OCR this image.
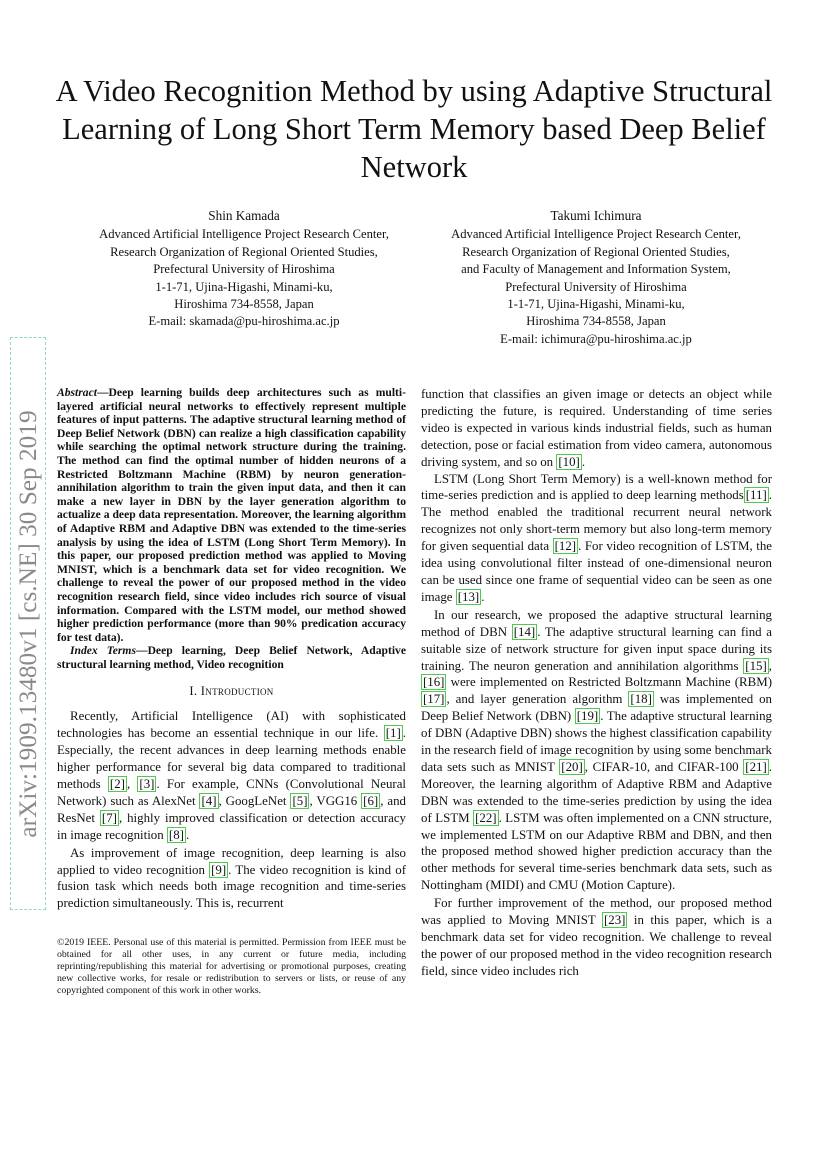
A Video Recognition Method by using Adaptive Structural Learning of Long Short Term Memory based Deep Belief Network
Shin Kamada
Advanced Artificial Intelligence Project Research Center,
Research Organization of Regional Oriented Studies,
Prefectural University of Hiroshima
1-1-71, Ujina-Higashi, Minami-ku,
Hiroshima 734-8558, Japan
E-mail: skamada@pu-hiroshima.ac.jp
Takumi Ichimura
Advanced Artificial Intelligence Project Research Center,
Research Organization of Regional Oriented Studies,
and Faculty of Management and Information System,
Prefectural University of Hiroshima
1-1-71, Ujina-Higashi, Minami-ku,
Hiroshima 734-8558, Japan
E-mail: ichimura@pu-hiroshima.ac.jp
arXiv:1909.13480v1 [cs.NE] 30 Sep 2019
Abstract—Deep learning builds deep architectures such as multi-layered artificial neural networks to effectively represent multiple features of input patterns. The adaptive structural learning method of Deep Belief Network (DBN) can realize a high classification capability while searching the optimal network structure during the training. The method can find the optimal number of hidden neurons of a Restricted Boltzmann Machine (RBM) by neuron generation-annihilation algorithm to train the given input data, and then it can make a new layer in DBN by the layer generation algorithm to actualize a deep data representation. Moreover, the learning algorithm of Adaptive RBM and Adaptive DBN was extended to the time-series analysis by using the idea of LSTM (Long Short Term Memory). In this paper, our proposed prediction method was applied to Moving MNIST, which is a benchmark data set for video recognition. We challenge to reveal the power of our proposed method in the video recognition research field, since video includes rich source of visual information. Compared with the LSTM model, our method showed higher prediction performance (more than 90% predication accuracy for test data).
Index Terms—Deep learning, Deep Belief Network, Adaptive structural learning method, Video recognition
I. Introduction

Recently, Artificial Intelligence (AI) with sophisticated technologies has become an essential technique in our life. [1] . Especially, the recent advances in deep learning methods enable higher performance for several big data compared to traditional methods [2] , [3] . For example, CNNs (Convolutional Neural Network) such as AlexNet [4] , GoogLeNet [5] , VGG16 [6] , and ResNet [7] , highly improved classification or detection accuracy in image recognition [8] .

As improvement of image recognition, deep learning is also applied to video recognition [9] . The video recognition is kind of fusion task which needs both image recognition and time-series prediction simultaneously. This is, recurrent

function that classifies an given image or detects an object while predicting the future, is required. Understanding of time series video is expected in various kinds industrial fields, such as human detection, pose or facial estimation from video camera, autonomous driving system, and so on [10] .

LSTM (Long Short Term Memory) is a well-known method for time-series prediction and is applied to deep learning methods [11] . The method enabled the traditional recurrent neural network recognizes not only short-term memory but also long-term memory for given sequential data [12] . For video recognition of LSTM, the idea using convolutional filter instead of one-dimensional neuron can be used since one frame of sequential video can be seen as one image [13] .

In our research, we proposed the adaptive structural learning method of DBN [14] . The adaptive structural learning can find a suitable size of network structure for given input space during its training. The neuron generation and annihilation algorithms [15] , [16] were implemented on Restricted Boltzmann Machine (RBM) [17] , and layer generation algorithm [18] was implemented on Deep Belief Network (DBN) [19] . The adaptive structural learning of DBN (Adaptive DBN) shows the highest classification capability in the research field of image recognition by using some benchmark data sets such as MNIST [20] , CIFAR-10, and CIFAR-100 [21] . Moreover, the learning algorithm of Adaptive RBM and Adaptive DBN was extended to the time-series prediction by using the idea of LSTM [22] . LSTM was often implemented on a CNN structure, we implemented LSTM on our Adaptive RBM and DBN, and then the proposed method showed higher prediction accuracy than the other methods for several time-series benchmark data sets, such as Nottingham (MIDI) and CMU (Motion Capture).

For further improvement of the method, our proposed method was applied to Moving MNIST [23] in this paper, which is a benchmark data set for video recognition. We challenge to reveal the power of our proposed method in the video recognition research field, since video includes rich

©2019 IEEE. Personal use of this material is permitted. Permission from IEEE must be obtained for all other uses, in any current or future media, including reprinting/republishing this material for advertising or promotional purposes, creating new collective works, for resale or redistribution to servers or lists, or reuse of any copyrighted component of this work in other works.
